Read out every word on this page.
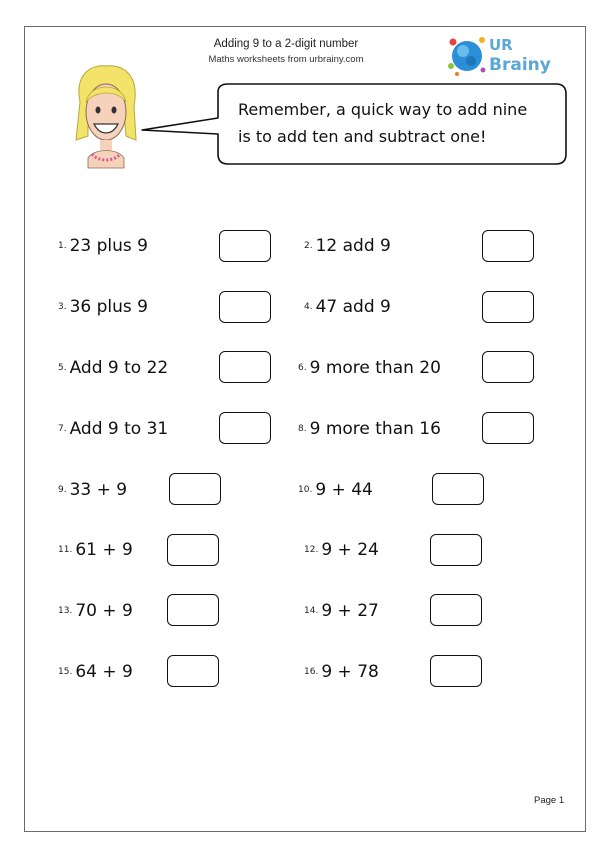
Adding 9 to a 2-digit number
Maths worksheets from urbrainy.com
UR
Brainy
Remember, a quick way to add nine
is to add ten and subtract one!
1. 23 plus 9	2. 12 add 9
3. 36 plus 9	4. 47 add 9
5. Add 9 to 22	6. 9 more than 20
7. Add 9 to 31	8. 9 more than 16
9. 33 + 9	10. 9 + 44
11. 61 + 9	12. 9 + 24
13. 70 + 9	14. 9 + 27
15. 64 + 9	16. 9 + 78
Page 1
